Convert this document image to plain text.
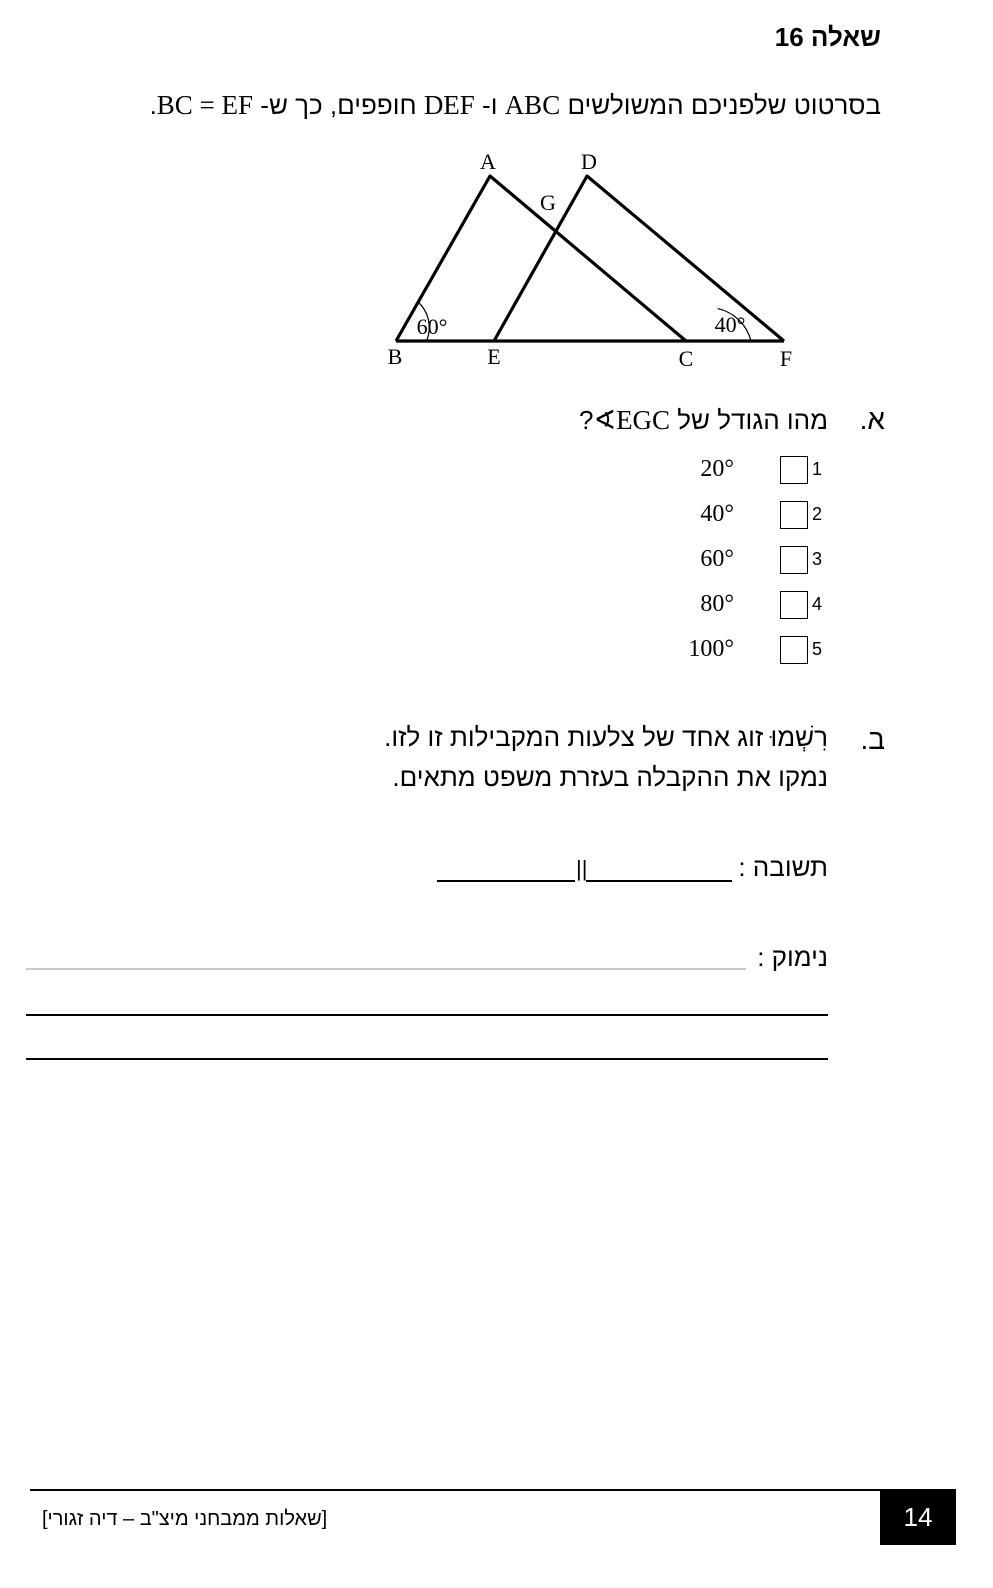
שאלה 16
בסרטוט שלפניכם המשולשים ABC ו- DEF חופפים, כך ש- BC = EF.
A	D
G
B	E	C	F
60°	40°
א.
מהו הגודל של EGC∢?
20°	1
40°	2
60°	3
80°	4
100°	5
ב.
רִשְׁמוּ זוג אחד של צלעות המקבילות זו לזו.
נמקו את ההקבלה בעזרת משפט מתאים.
תשובה :
||
נימוק :
[שאלות ממבחני מיצ"ב – דיה זגורי]	14
